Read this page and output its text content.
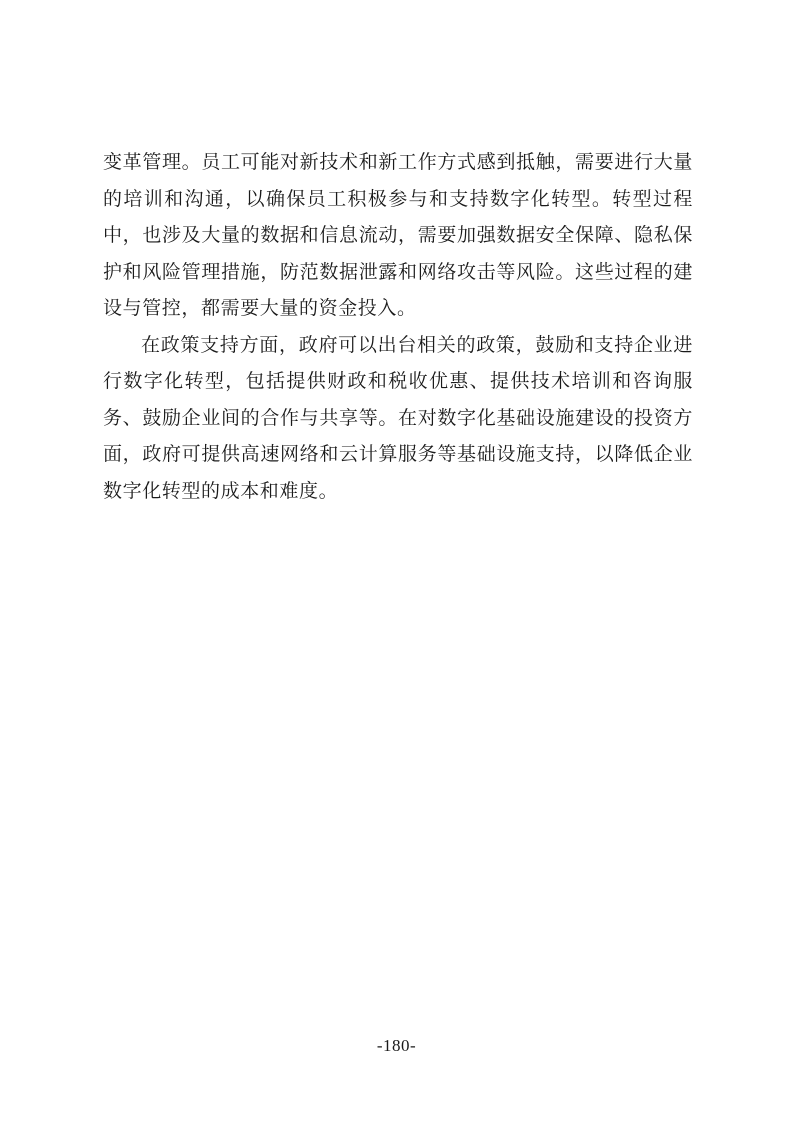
变革管理。员工可能对新技术和新工作方式感到抵触，需要进行大量的培训和沟通，以确保员工积极参与和支持数字化转型。转型过程中，也涉及大量的数据和信息流动，需要加强数据安全保障、隐私保护和风险管理措施，防范数据泄露和网络攻击等风险。这些过程的建设与管控，都需要大量的资金投入。

在政策支持方面，政府可以出台相关的政策，鼓励和支持企业进行数字化转型，包括提供财政和税收优惠、提供技术培训和咨询服务、鼓励企业间的合作与共享等。在对数字化基础设施建设的投资方面，政府可提供高速网络和云计算服务等基础设施支持，以降低企业数字化转型的成本和难度。

-180-
